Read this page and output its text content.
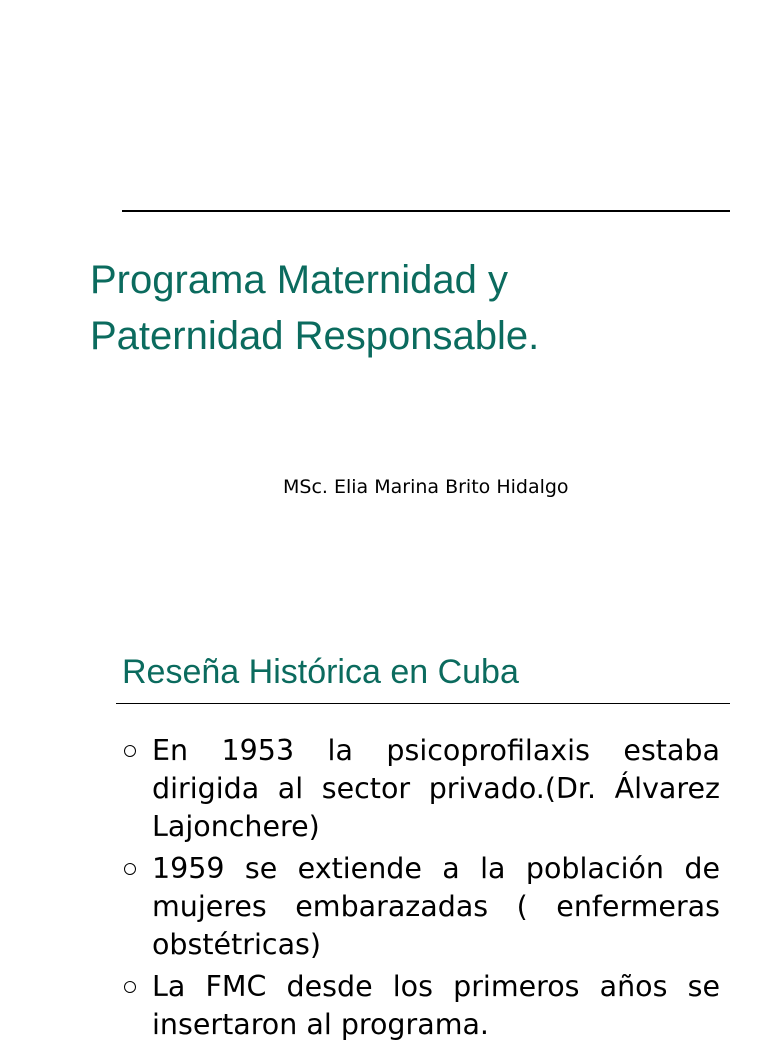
Programa Maternidad y
Paternidad Responsable.

MSc. Elia Marina Brito Hidalgo

Reseña Histórica en Cuba
En 1953 la psicoprofilaxis estaba dirigida al sector privado.(Dr. Álvarez Lajonchere)
1959 se extiende a la población de mujeres embarazadas ( enfermeras obstétricas)
La FMC desde los primeros años se insertaron al programa.
